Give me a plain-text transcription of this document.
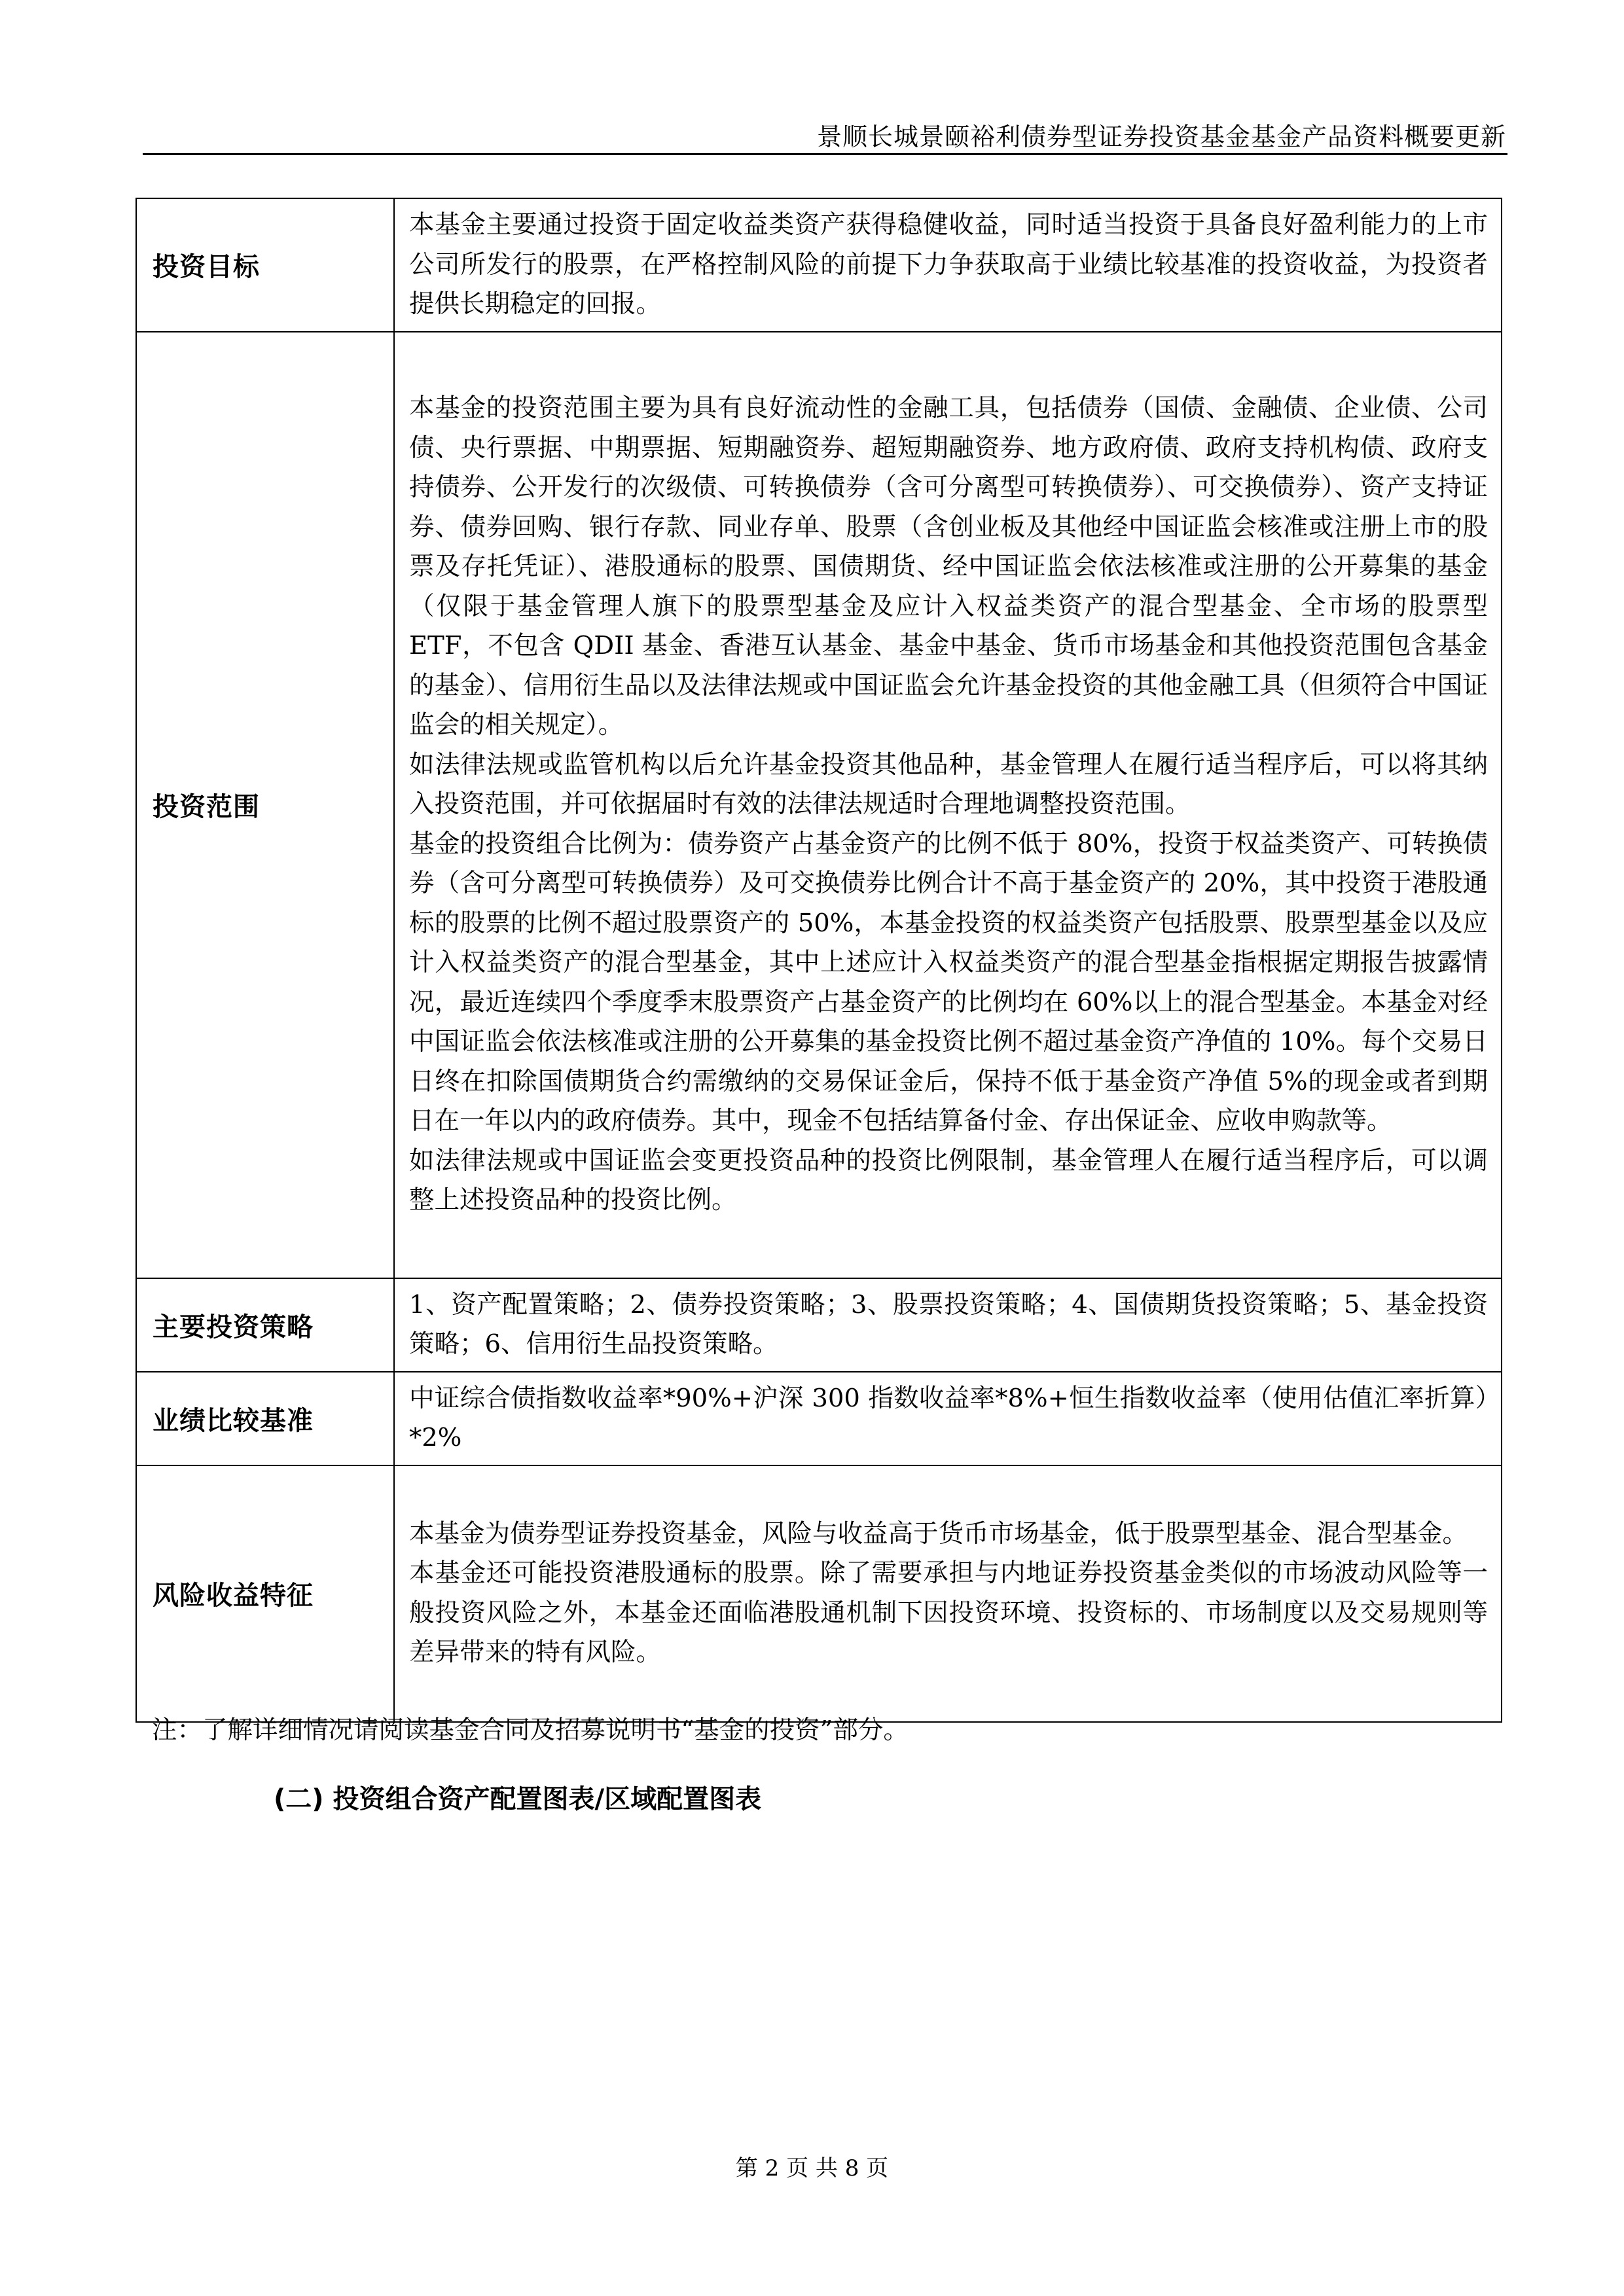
景顺长城景颐裕利债券型证券投资基金基金产品资料概要更新
投资目标	本基金主要通过投资于固定收益类资产获得稳健收益，同时适当投资于具备良好盈利能力的上市公司所发行的股票，在严格控制风险的前提下力争获取高于业绩比较基准的投资收益，为投资者提供长期稳定的回报。

投资范围	本基金的投资范围主要为具有良好流动性的金融工具，包括债券（国债、金融债、企业债、公司债、央行票据、中期票据、短期融资券、超短期融资券、地方政府债、政府支持机构债、政府支持债券、公开发行的次级债、可转换债券（含可分离型可转换债券）、可交换债券）、资产支持证券、债券回购、银行存款、同业存单、股票（含创业板及其他经中国证监会核准或注册上市的股票及存托凭证）、港股通标的股票、国债期货、经中国证监会依法核准或注册的公开募集的基金（仅限于基金管理人旗下的股票型基金及应计入权益类资产的混合型基金、全市场的股票型 ETF，不包含 QDII 基金、香港互认基金、基金中基金、货币市场基金和其他投资范围包含基金的基金）、信用衍生品以及法律法规或中国证监会允许基金投资的其他金融工具（但须符合中国证监会的相关规定）。

如法律法规或监管机构以后允许基金投资其他品种，基金管理人在履行适当程序后，可以将其纳入投资范围，并可依据届时有效的法律法规适时合理地调整投资范围。

基金的投资组合比例为：债券资产占基金资产的比例不低于 80%，投资于权益类资产、可转换债券（含可分离型可转换债券）及可交换债券比例合计不高于基金资产的 20%，其中投资于港股通标的股票的比例不超过股票资产的 50%，本基金投资的权益类资产包括股票、股票型基金以及应计入权益类资产的混合型基金，其中上述应计入权益类资产的混合型基金指根据定期报告披露情况，最近连续四个季度季末股票资产占基金资产的比例均在 60%以上的混合型基金。本基金对经中国证监会依法核准或注册的公开募集的基金投资比例不超过基金资产净值的 10%。每个交易日日终在扣除国债期货合约需缴纳的交易保证金后，保持不低于基金资产净值 5%的现金或者到期日在一年以内的政府债券。其中，现金不包括结算备付金、存出保证金、应收申购款等。

如法律法规或中国证监会变更投资品种的投资比例限制，基金管理人在履行适当程序后，可以调整上述投资品种的投资比例。

主要投资策略	1、资产配置策略；2、债券投资策略；3、股票投资策略；4、国债期货投资策略；5、基金投资策略；6、信用衍生品投资策略。

业绩比较基准	中证综合债指数收益率*90%+沪深 300 指数收益率*8%+恒生指数收益率（使用估值汇率折算）*2%

风险收益特征	本基金为债券型证券投资基金，风险与收益高于货币市场基金，低于股票型基金、混合型基金。

本基金还可能投资港股通标的股票。除了需要承担与内地证券投资基金类似的市场波动风险等一般投资风险之外，本基金还面临港股通机制下因投资环境、投资标的、市场制度以及交易规则等差异带来的特有风险。

注：了解详细情况请阅读基金合同及招募说明书“基金的投资”部分。
(二) 投资组合资产配置图表/区域配置图表
第 2 页 共 8 页
